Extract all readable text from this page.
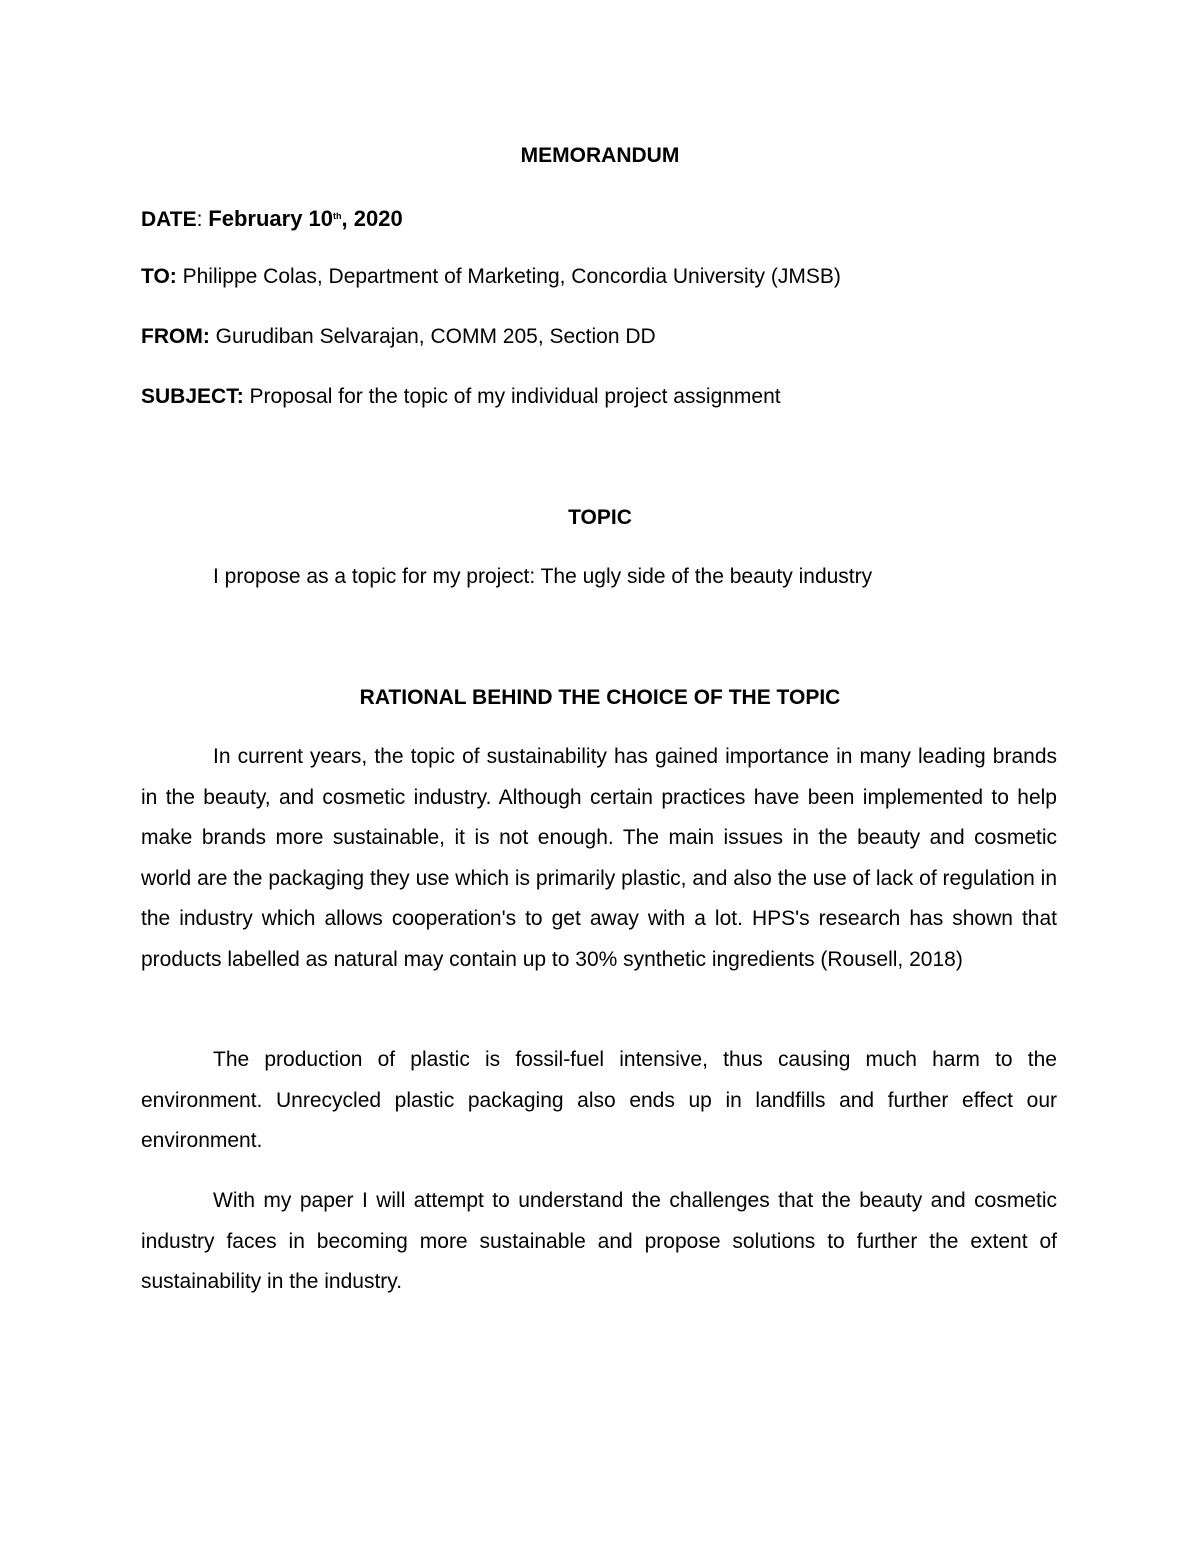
MEMORANDUM
DATE: February 10th, 2020
TO: Philippe Colas, Department of Marketing, Concordia University (JMSB)
FROM: Gurudiban Selvarajan, COMM 205, Section DD
SUBJECT: Proposal for the topic of my individual project assignment
TOPIC
I propose as a topic for my project: The ugly side of the beauty industry
RATIONAL BEHIND THE CHOICE OF THE TOPIC

In current years, the topic of sustainability has gained importance in many leading brands in the beauty, and cosmetic industry. Although certain practices have been implemented to help make brands more sustainable, it is not enough. The main issues in the beauty and cosmetic world are the packaging they use which is primarily plastic, and also the use of lack of regulation in the industry which allows cooperation's to get away with a lot. HPS's research has shown that products labelled as natural may contain up to 30% synthetic ingredients (Rousell, 2018)

The production of plastic is fossil-fuel intensive, thus causing much harm to the environment. Unrecycled plastic packaging also ends up in landfills and further effect our environment.

With my paper I will attempt to understand the challenges that the beauty and cosmetic industry faces in becoming more sustainable and propose solutions to further the extent of sustainability in the industry.
